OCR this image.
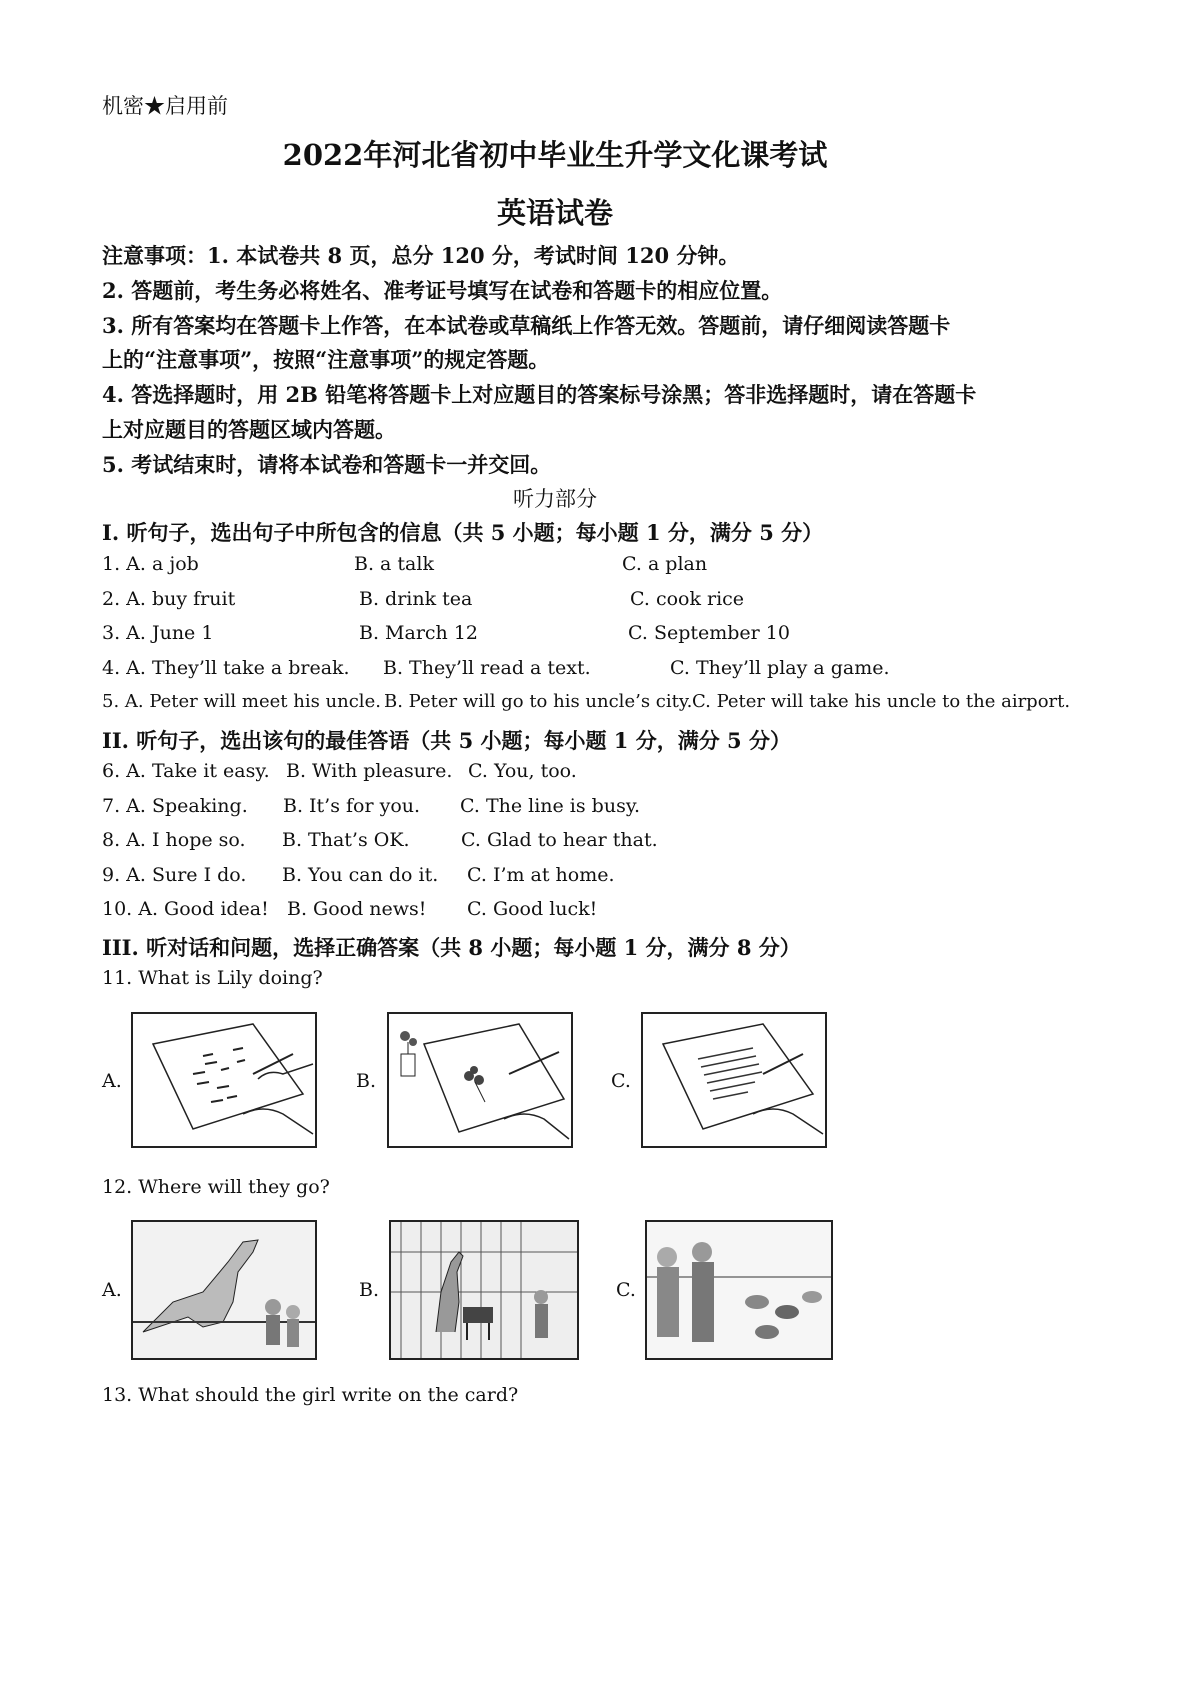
机密★启用前
2022年河北省初中毕业生升学文化课考试
英语试卷
注意事项：1. 本试卷共 8 页，总分 120 分，考试时间 120 分钟。
2. 答题前，考生务必将姓名、准考证号填写在试卷和答题卡的相应位置。
3. 所有答案均在答题卡上作答，在本试卷或草稿纸上作答无效。答题前，请仔细阅读答题卡
上的“注意事项”，按照“注意事项”的规定答题。
4. 答选择题时，用 2B 铅笔将答题卡上对应题目的答案标号涂黑；答非选择题时，请在答题卡
上对应题目的答题区域内答题。
5. 考试结束时，请将本试卷和答题卡一并交回。
听力部分
Ⅰ. 听句子，选出句子中所包含的信息（共 5 小题；每小题 1 分，满分 5 分）
1. A. a job	B. a talk	C. a plan
2. A. buy fruit	B. drink tea	C. cook rice
3. A. June 1	B. March 12	C. September 10
4. A. They’ll take a break. B. They’ll read a text.	C. They’ll play a game.
5. A. Peter will meet his uncle. B. Peter will go to his uncle’s city. C. Peter will take his uncle to the airport.
II. 听句子，选出该句的最佳答语（共 5 小题；每小题 1 分，满分 5 分）
6. A. Take it easy. B. With pleasure. C. You, too.
7. A. Speaking. B. It’s for you. C. The line is busy.
8. A. I hope so. B. That’s OK.	C. Glad to hear that.
9. A. Sure I do. B. You can do it. C. I’m at home.
10. A. Good idea! B. Good news! C. Good luck!
III. 听对话和问题，选择正确答案（共 8 小题；每小题 1 分，满分 8 分）
11. What is Lily doing?
A.	B.	C.
12. Where will they go?
A.	B.	C.
13. What should the girl write on the card?
